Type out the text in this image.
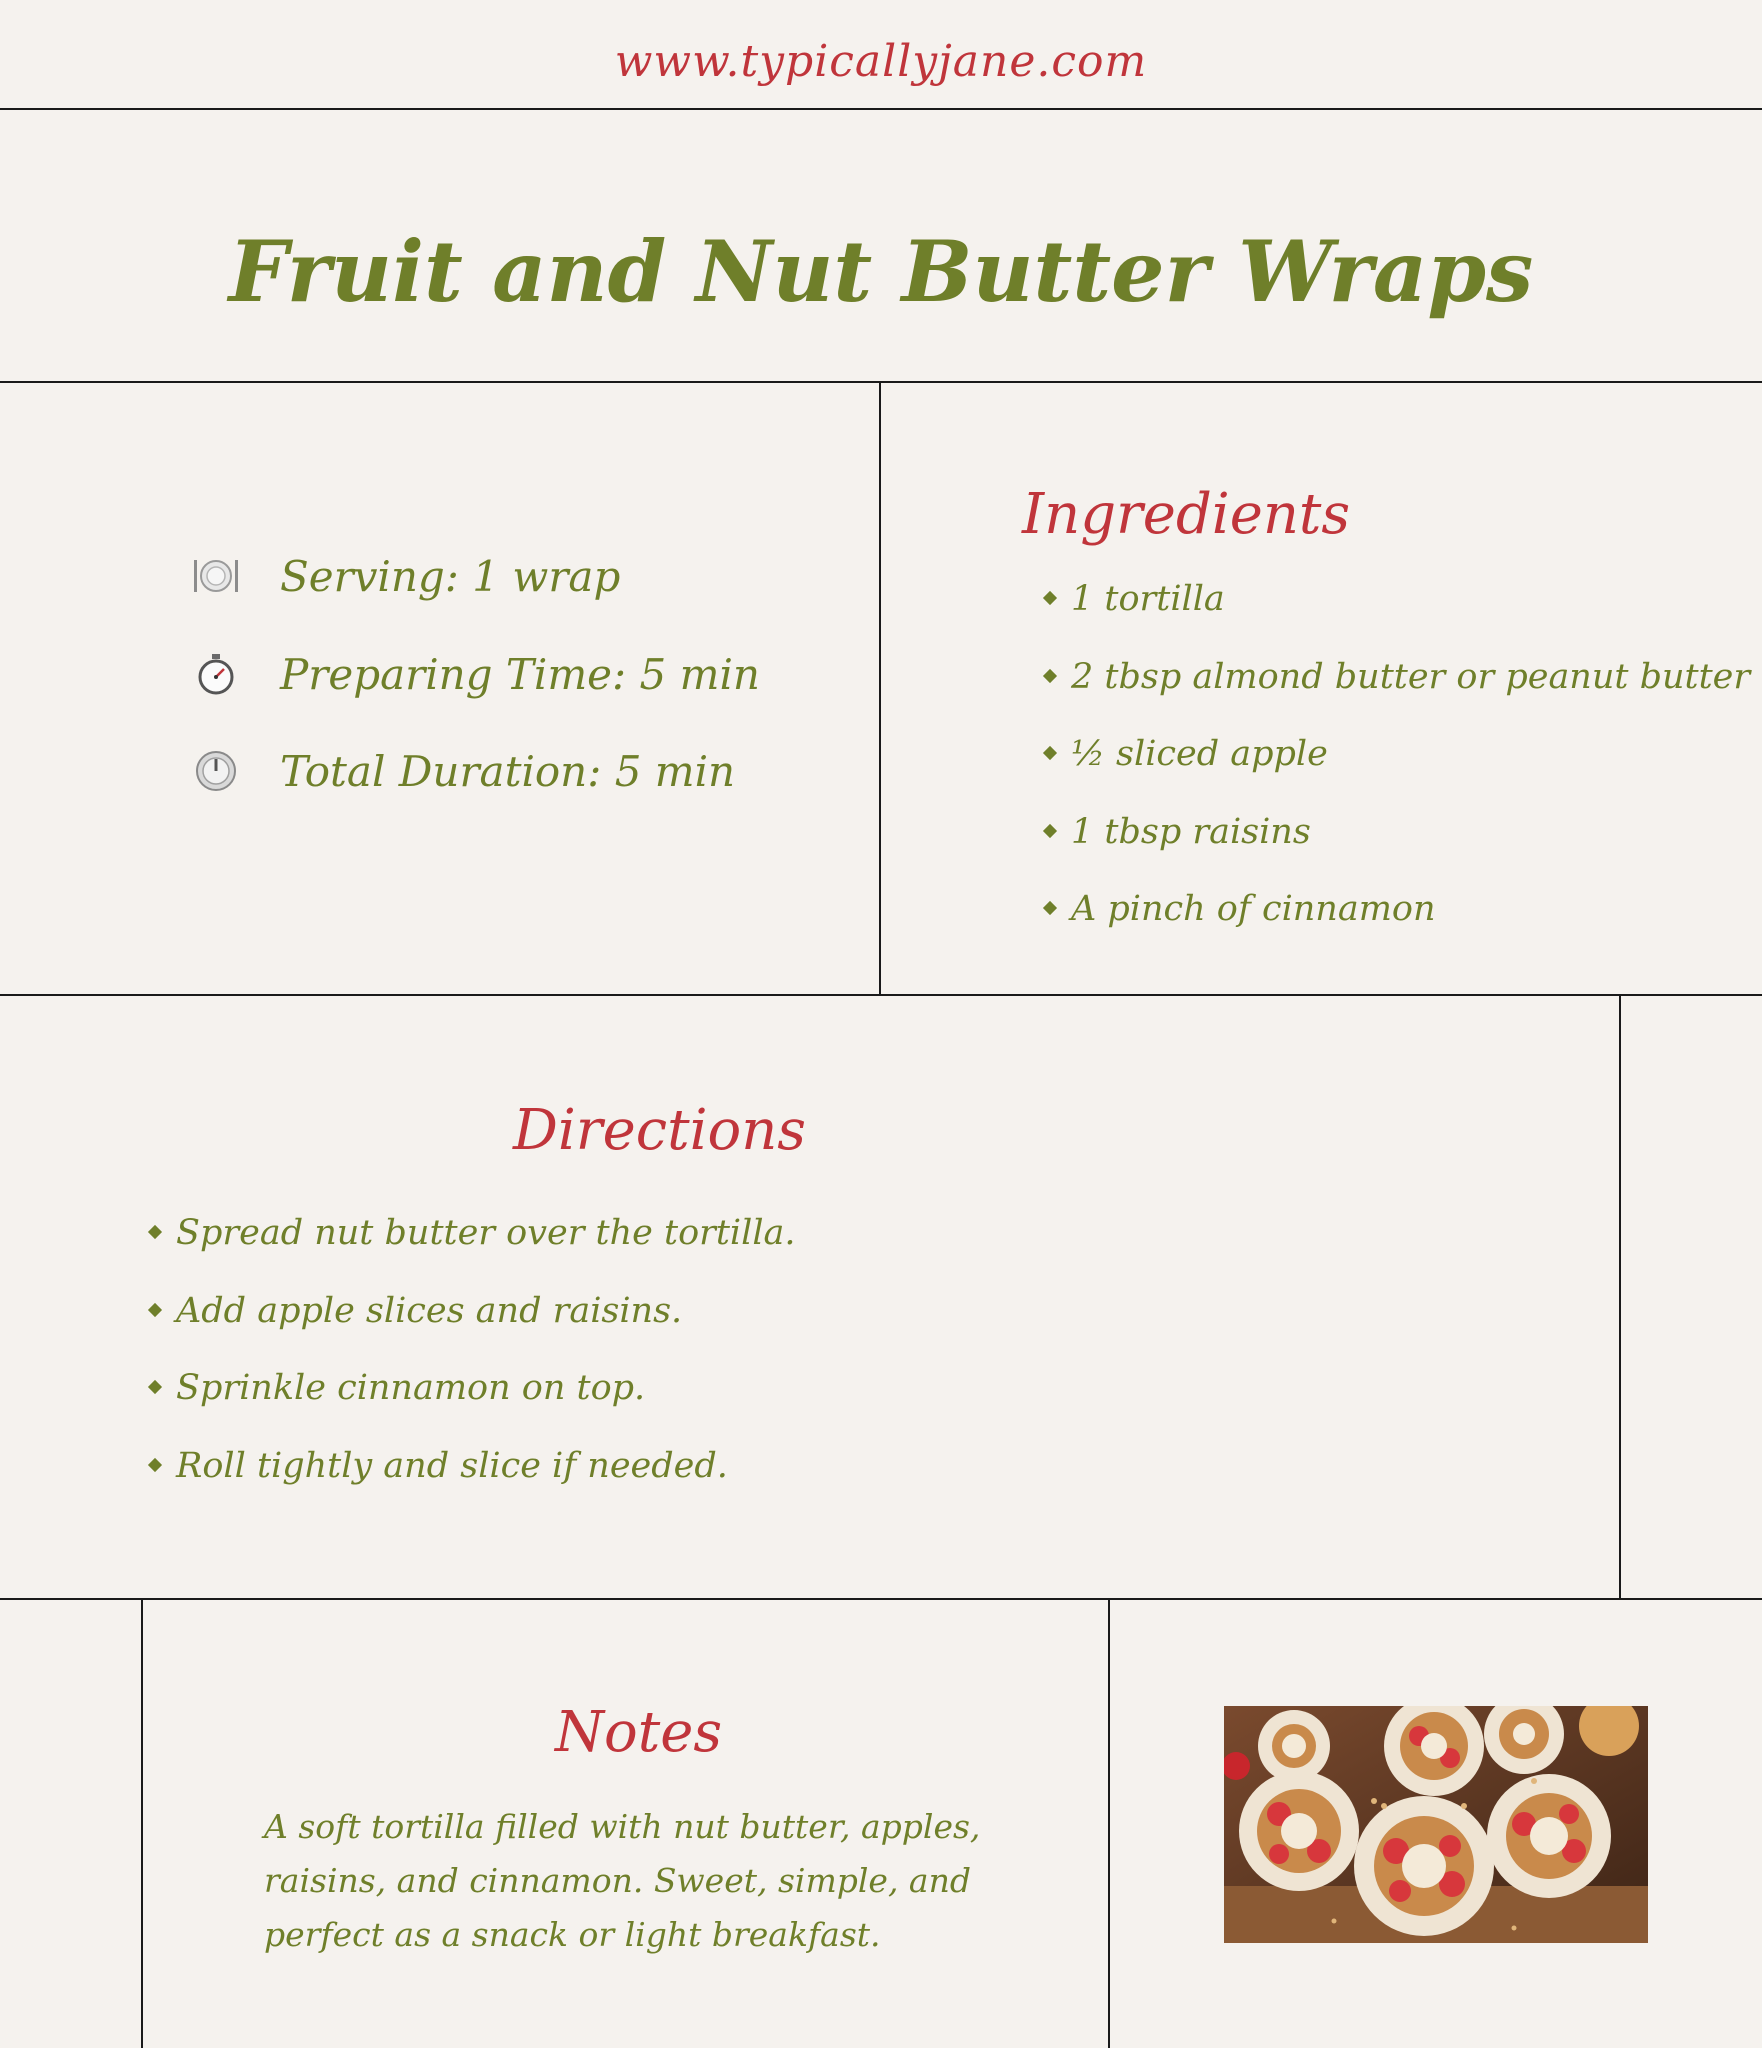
www.typicallyjane.com
Fruit and Nut Butter Wraps
Serving: 1 wrap
Preparing Time: 5 min
Total Duration: 5 min
Ingredients
1 tortilla
2 tbsp almond butter or peanut butter
½ sliced apple
1 tbsp raisins
A pinch of cinnamon
Directions
Spread nut butter over the tortilla.
Add apple slices and raisins.
Sprinkle cinnamon on top.
Roll tightly and slice if needed.
Notes
A soft tortilla filled with nut butter, apples, raisins, and cinnamon. Sweet, simple, and perfect as a snack or light breakfast.
